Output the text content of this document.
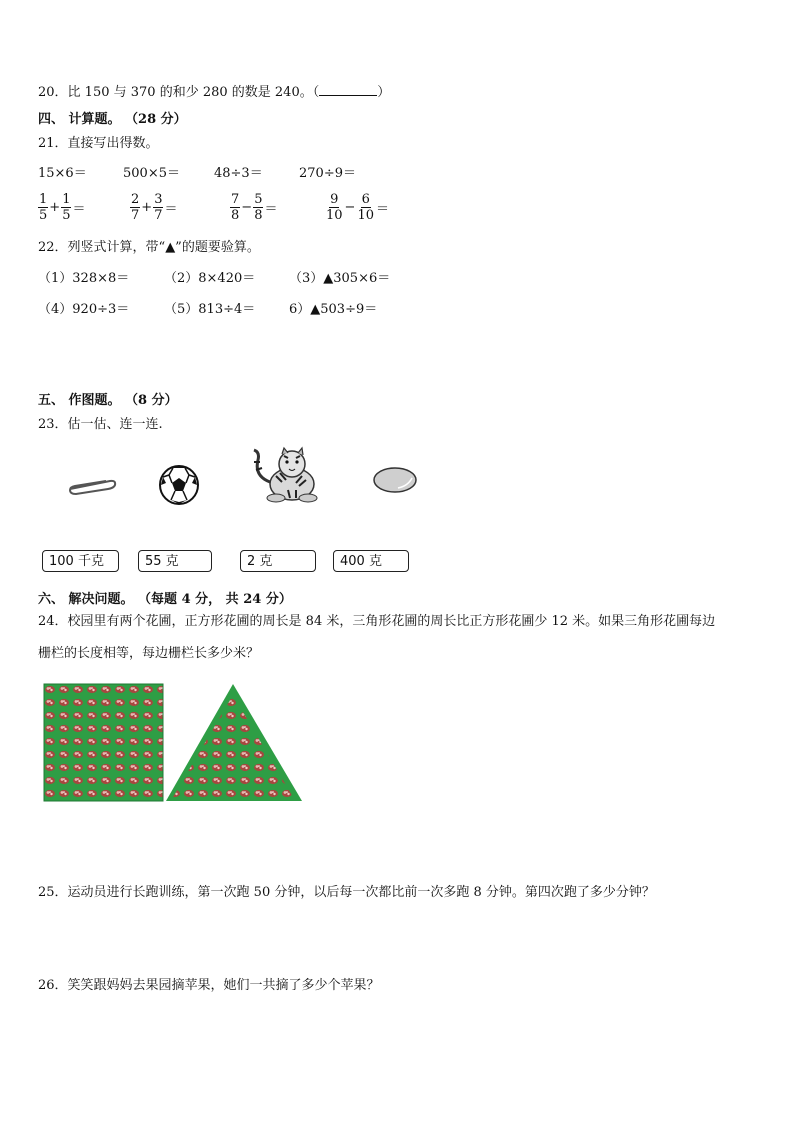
20．比 150 与 370 的和少 280 的数是 240。（	）
四、 计算题。 （28 分）
21．直接写出得数。
15×6＝	500×5＝	48÷3＝	270÷9＝
$\frac{1}{5} + \frac{1}{5}$ ＝	$\frac{2}{7} + \frac{3}{7}$ ＝	$\frac{7}{8} - \frac{5}{8}$ ＝	$\frac{9}{10} - \frac{6}{10}$ ＝
22．列竖式计算，带“▲”的题要验算。
（1）328×8＝	（2）8×420＝	（3）▲305×6＝
（4）920÷3＝	（5）813÷4＝	6）▲503÷9＝
五、 作图题。 （8 分）
23．估一估、连一连.
100 千克	55 克	2 克	400 克
六、 解决问题。 （每题 4 分， 共 24 分）
24．校园里有两个花圃，正方形花圃的周长是 84 米，三角形花圃的周长比正方形花圃少 12 米。如果三角形花圃每边
栅栏的长度相等，每边栅栏长多少米？
25．运动员进行长跑训练，第一次跑 50 分钟，以后每一次都比前一次多跑 8 分钟。第四次跑了多少分钟？
26．笑笑跟妈妈去果园摘苹果，她们一共摘了多少个苹果？
